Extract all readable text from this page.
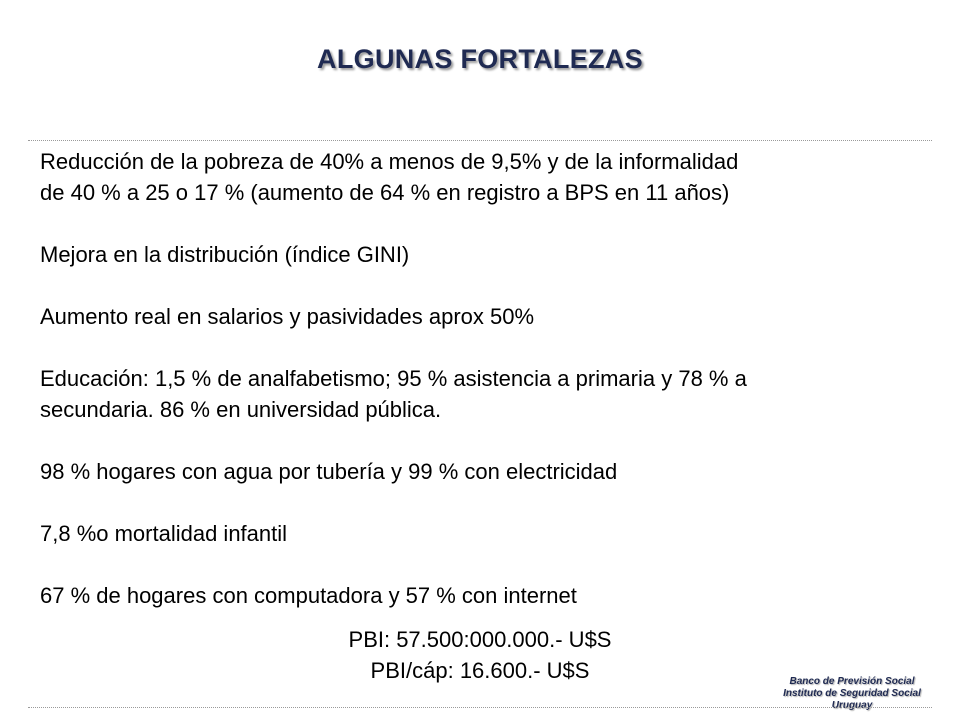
ALGUNAS FORTALEZAS

Reducción de la pobreza de 40% a menos de 9,5% y de la informalidad
de 40 % a 25 o 17 % (aumento de 64 % en registro a BPS en 11 años)

Mejora en la distribución (índice GINI)

Aumento real en salarios y pasividades aprox 50%

Educación: 1,5 % de analfabetismo; 95 % asistencia a primaria y 78 % a
secundaria. 86 % en universidad pública.

98 % hogares con agua por tubería y 99 % con electricidad

7,8 %o mortalidad infantil

67 % de hogares con computadora y 57 % con internet

PBI: 57.500:000.000.- U$S
PBI/cáp: 16.600.- U$S	Banco de Previsión Social
Instituto de Seguridad Social
Uruguay
